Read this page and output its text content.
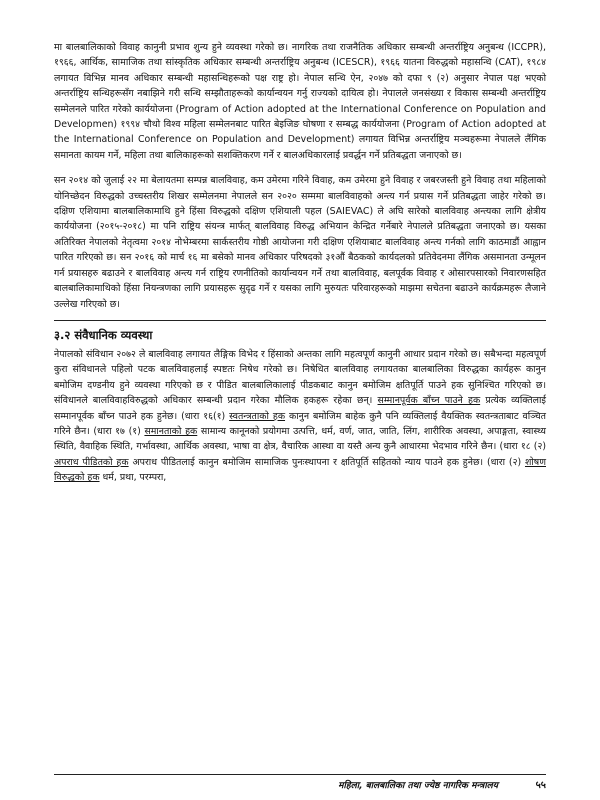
मा बालबालिकाको विवाह कानुनी प्रभाव शुन्य हुने व्यवस्था गरेको छ। नागरिक तथा राजनैतिक अधिकार सम्बन्धी अन्तर्राष्ट्रिय अनुबन्ध (ICCPR), १९६६, आर्थिक, सामाजिक तथा सांस्कृतिक अधिकार सम्बन्धी अन्तर्राष्ट्रिय अनुबन्ध (ICESCR), १९६६ यातना विरुद्धको महासन्धि (CAT), १९८४ लगायत विभिन्न मानव अधिकार सम्बन्धी महासन्धिहरूको पक्ष राष्ट्र हो। नेपाल सन्धि ऐन, २०४७ को दफा ९ (२) अनुसार नेपाल पक्ष भएको अन्तर्राष्ट्रिय सन्धिहरूसँग नबाझिने गरी सन्धि सम्झौताहरूको कार्यान्वयन गर्नु राज्यको दायित्व हो। नेपालले जनसंख्या र विकास सम्बन्धी अन्तर्राष्ट्रिय सम्मेलनले पारित गरेको कार्ययोजना (Program of Action adopted at the International Conference on Population and Developmen) १९९४ चौथो विश्व महिला सम्मेलनबाट पारित बेइजिङ घोषणा र सम्बद्ध कार्ययोजना (Program of Action adopted at the International Conference on Population and Development) लगायत विभिन्न अन्तर्राष्ट्रिय मञ्चहरूमा नेपालले लैंगिक समानता कायम गर्ने, महिला तथा बालिकाहरूको सशक्तिकरण गर्ने र बालअधिकारलाई प्रवर्द्धन गर्ने प्रतिबद्धता जनाएको छ।

सन २०१४ को जुलाई २२ मा बेलायतमा सम्पन्न बालविवाह, कम उमेरमा गरिने विवाह, कम उमेरमा हुने विवाह र जबरजस्ती हुने विवाह तथा महिलाको योनिच्छेदन विरुद्धको उच्चस्तरीय शिखर सम्मेलनमा नेपालले सन २०२० सम्ममा बालविवाहको अन्त्य गर्न प्रयास गर्ने प्रतिबद्धता जाहेर गरेको छ। दक्षिण एशियामा बालबालिकामाथि हुने हिंसा विरुद्धको दक्षिण एशियाली पहल (SAIEVAC) ले अघि सारेको बालविवाह अन्त्यका लागि क्षेत्रीय कार्ययोजना (२०१५-२०१८) मा पनि राष्ट्रिय संयन्त्र मार्फत् बालविवाह विरुद्ध अभियान केन्द्रित गर्नेबारे नेपालले प्रतिबद्धता जनाएको छ। यसका अतिरिक्त नेपालको नेतृत्वमा २०१४ नोभेम्बरमा सार्कस्तरीय गोष्ठी आयोजना गरी दक्षिण एशियाबाट बालविवाह अन्त्य गर्नको लागि काठमाडौं आह्वान पारित गरिएको छ। सन २०१६ को मार्च १६ मा बसेको मानव अधिकार परिषदको ३१औं बैठकको कार्यदलको प्रतिवेदनमा लैंगिक असमानता उन्मूलन गर्न प्रयासहरु बढाउने र बालविवाह अन्त्य गर्न राष्ट्रिय रणनीतिको कार्यान्वयन गर्ने तथा बालविवाह, बलपूर्वक विवाह र ओसारपसारको निवारणसहित बालबालिकामाथिको हिंसा नियन्त्रणका लागि प्रयासहरू सुदृढ गर्ने र यसका लागि मुरुयतः परिवारहरूको माझमा सचेतना बढाउने कार्यक्रमहरू लैजाने उल्लेख गरिएको छ।

३.२ संवैधानिक व्यवस्था

नेपालको संविधान २०७२ ले बालविवाह लगायत लैङ्गिक विभेद र हिंसाको अन्तका लागि महत्वपूर्ण कानुनी आधार प्रदान गरेको छ। सबैभन्दा महत्वपूर्ण कुरा संविधानले पहिलो पटक बालविवाहलाई स्पष्टतः निषेध गरेको छ। निषेधित बालविवाह लगायतका बालबालिका विरुद्धका कार्यहरू कानुन बमोजिम दण्डनीय हुने व्यवस्था गरिएको छ र पीडित बालबालिकालाई पीडकबाट कानुन बमोजिम क्षतिपूर्ति पाउने हक सुनिश्चित गरिएको छ। संविधानले बालविवाहविरुद्धको अधिकार सम्बन्धी प्रदान गरेका मौलिक हकहरू रहेका छन्। सम्मानपूर्वक बाँच्न पाउने हक प्रत्येक व्यक्तिलाई सम्मानपूर्वक बाँच्न पाउने हक हुनेछ। (धारा १६(१) स्वतन्त्रताको हक कानुन बमोजिम बाहेक कुनै पनि व्यक्तिलाई वैयक्तिक स्वतन्त्रताबाट वञ्चित गरिने छैन। (धारा १७ (१) समानताको हक सामान्य कानूनको प्रयोगमा उत्पत्ति, धर्म, वर्ण, जात, जाति, लिंग, शारीरिक अवस्था, अपाङ्गता, स्वास्थ्य स्थिति, वैवाहिक स्थिति, गर्भावस्था, आर्थिक अवस्था, भाषा वा क्षेत्र, वैचारिक आस्था वा यस्तै अन्य कुनै आधारमा भेदभाव गरिने छैन। (धारा १८ (२) अपराध पीडितको हक अपराध पीडितलाई कानुन बमोजिम सामाजिक पुनःस्थापना र क्षतिपूर्ति सहितको न्याय पाउने हक हुनेछ। (धारा (२) शोषण विरुद्धको हक धर्म, प्रथा, परम्परा,

महिला, बालबालिका तथा ज्येष्ठ नागरिक मन्त्रालय	५५
